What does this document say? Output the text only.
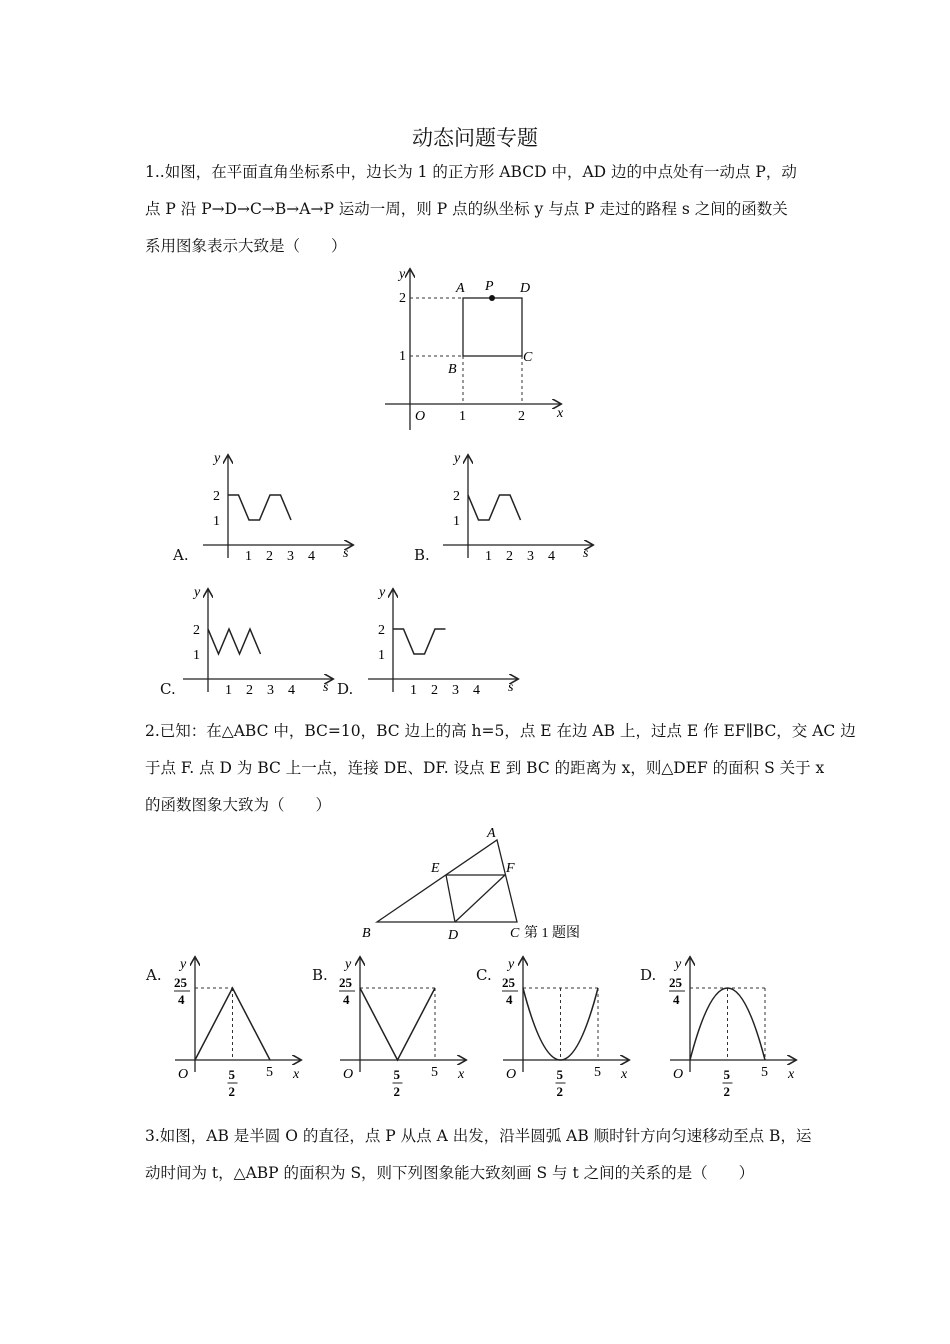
动态问题专题
1..如图，在平面直角坐标系中，边长为 1 的正方形 ABCD 中，AD 边的中点处有一动点 P，动
点 P 沿 P→D→C→B→A→P 运动一周，则 P 点的纵坐标 y 与点 P 走过的路程 s 之间的函数关
系用图象表示大致是（　　）
2
1
1	2
O	x
y
A P D
B
C
A.	B.
C.	D.
y
s
2
1
1 2 3 4
y
s
2
1
1 2 3 4
y
s
2
1
1 2 3 4
y
s
2
1
1 2 3 4
2.已知：在△ABC 中，BC=10，BC 边上的高 h=5，点 E 在边 AB 上，过点 E 作 EF∥BC，交 AC 边
于点 F. 点 D 为 BC 上一点，连接 DE、DF. 设点 E 到 BC 的距离为 x，则△DEF 的面积 S 关于 x
的函数图象大致为（　　）
A
B	C
D
E	F
第 1 题图
A.	B.	C.	D.
y
x
O
25
4
5
2
5
y
x
O
25
4
5
2
5
y
x
O
25
4
5
2
5
y
x
O
25
4
5
2
5
3.如图，AB 是半圆 O 的直径，点 P 从点 A 出发，沿半圆弧 AB 顺时针方向匀速移动至点 B，运
动时间为 t，△ABP 的面积为 S，则下列图象能大致刻画 S 与 t 之间的关系的是（　　）
